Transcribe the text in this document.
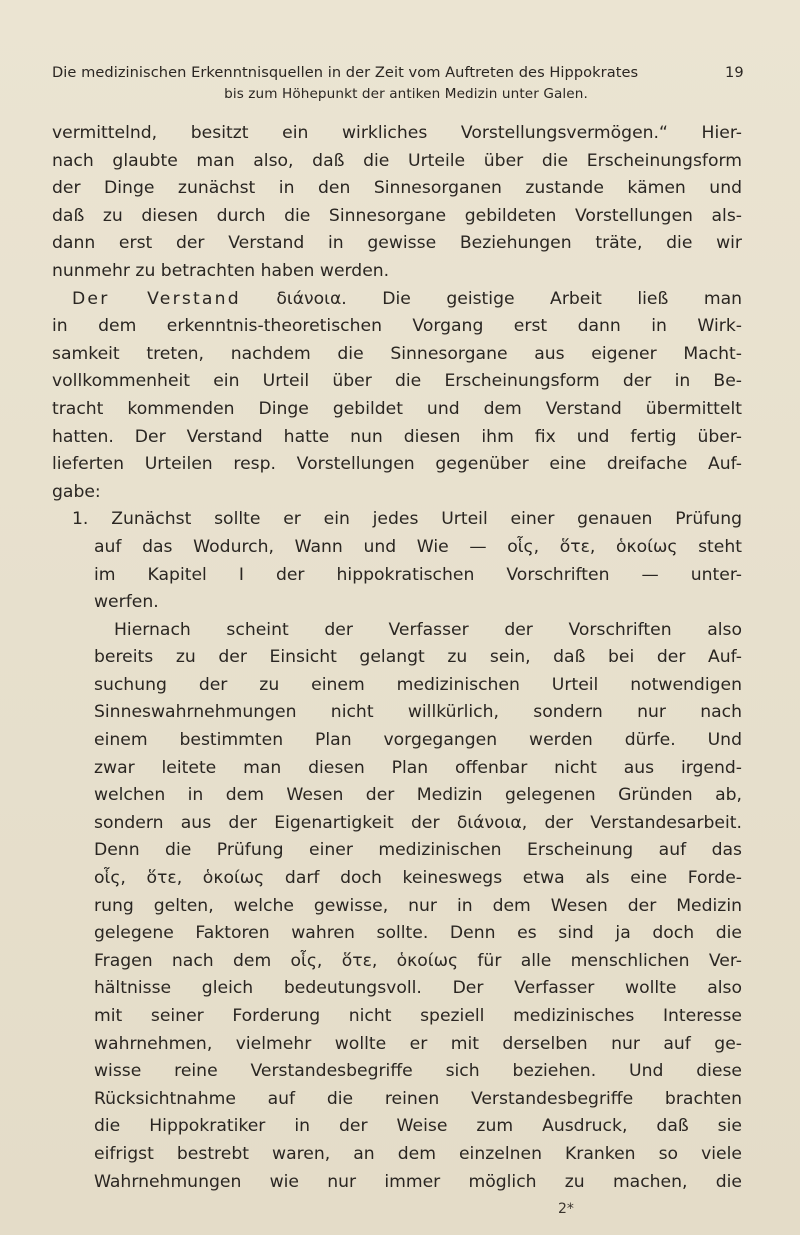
Die medizinischen Erkenntnisquellen in der Zeit vom Auftreten des Hippokrates	19
bis zum Höhepunkt der antiken Medizin unter Galen.
vermittelnd, besitzt ein wirkliches Vorstellungsvermögen.“ Hier-
nach glaubte man also, daß die Urteile über die Erscheinungsform
der Dinge zunächst in den Sinnesorganen zustande kämen und
daß zu diesen durch die Sinnesorgane gebildeten Vorstellungen als-
dann erst der Verstand in gewisse Beziehungen träte, die wir
nunmehr zu betrachten haben werden.
Der Verstand διάνοια. Die geistige Arbeit ließ man
in dem erkenntnis-theoretischen Vorgang erst dann in Wirk-
samkeit treten, nachdem die Sinnesorgane aus eigener Macht-
vollkommenheit ein Urteil über die Erscheinungsform der in Be-
tracht kommenden Dinge gebildet und dem Verstand übermittelt
hatten. Der Verstand hatte nun diesen ihm fix und fertig über-
lieferten Urteilen resp. Vorstellungen gegenüber eine dreifache Auf-
gabe:
1. Zunächst sollte er ein jedes Urteil einer genauen Prüfung
auf das Wodurch, Wann und Wie — οἷς, ὅτε, ὁκοίως steht
im Kapitel I der hippokratischen Vorschriften — unter-
werfen.
Hiernach scheint der Verfasser der Vorschriften also
bereits zu der Einsicht gelangt zu sein, daß bei der Auf-
suchung der zu einem medizinischen Urteil notwendigen
Sinneswahrnehmungen nicht willkürlich, sondern nur nach
einem bestimmten Plan vorgegangen werden dürfe. Und
zwar leitete man diesen Plan offenbar nicht aus irgend-
welchen in dem Wesen der Medizin gelegenen Gründen ab,
sondern aus der Eigenartigkeit der διάνοια, der Verstandesarbeit.
Denn die Prüfung einer medizinischen Erscheinung auf das
οἷς, ὅτε, ὁκοίως darf doch keineswegs etwa als eine Forde-
rung gelten, welche gewisse, nur in dem Wesen der Medizin
gelegene Faktoren wahren sollte. Denn es sind ja doch die
Fragen nach dem οἷς, ὅτε, ὁκοίως für alle menschlichen Ver-
hältnisse gleich bedeutungsvoll. Der Verfasser wollte also
mit seiner Forderung nicht speziell medizinisches Interesse
wahrnehmen, vielmehr wollte er mit derselben nur auf ge-
wisse reine Verstandesbegriffe sich beziehen. Und diese
Rücksichtnahme auf die reinen Verstandesbegriffe brachten
die Hippokratiker in der Weise zum Ausdruck, daß sie
eifrigst bestrebt waren, an dem einzelnen Kranken so viele
Wahrnehmungen wie nur immer möglich zu machen, die
2*
